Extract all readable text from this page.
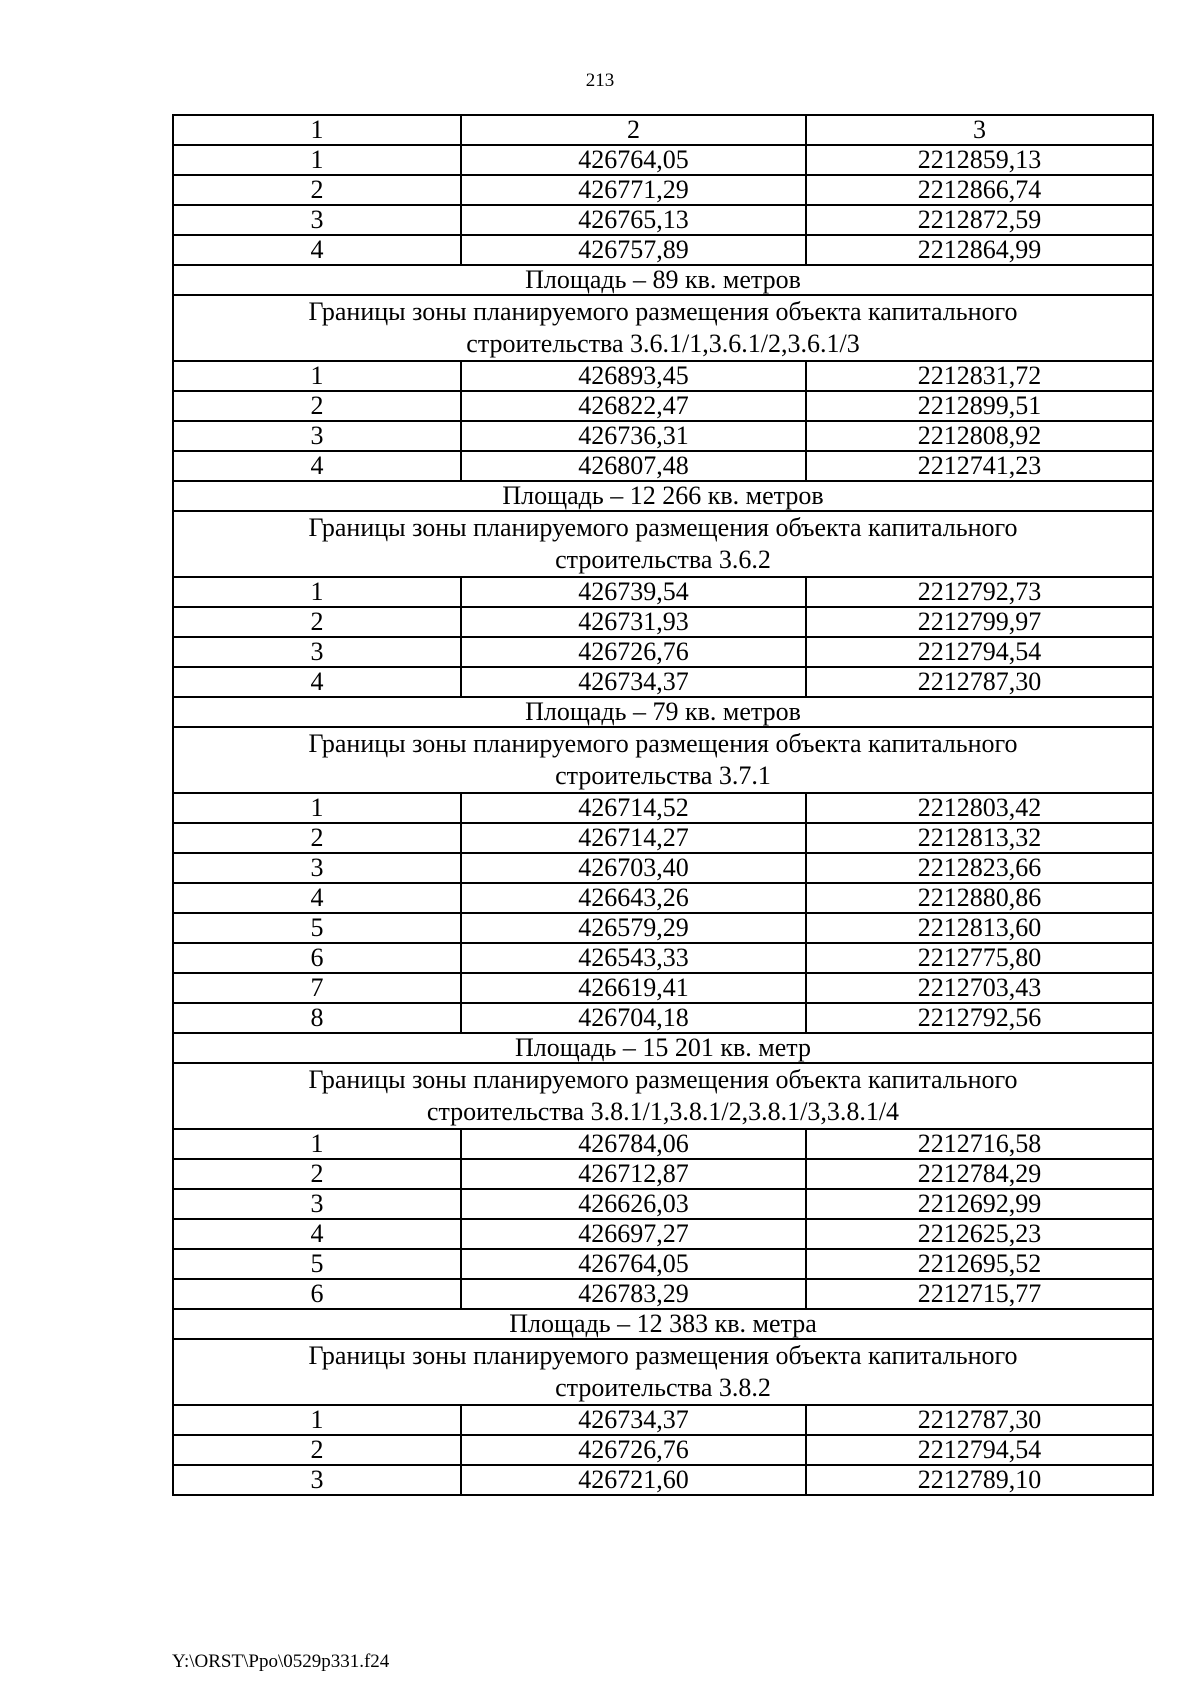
213
1	2	3
1	426764,05	2212859,13
2	426771,29	2212866,74
3	426765,13	2212872,59
4	426757,89	2212864,99
Площадь – 89 кв. метров		
Границы зоны планируемого размещения объекта капитального строительства 3.6.1/1,3.6.1/2,3.6.1/3		
1	426893,45	2212831,72
2	426822,47	2212899,51
3	426736,31	2212808,92
4	426807,48	2212741,23
Площадь – 12 266 кв. метров		
Границы зоны планируемого размещения объекта капитального строительства 3.6.2		
1	426739,54	2212792,73
2	426731,93	2212799,97
3	426726,76	2212794,54
4	426734,37	2212787,30
Площадь – 79 кв. метров		
Границы зоны планируемого размещения объекта капитального строительства 3.7.1		
1	426714,52	2212803,42
2	426714,27	2212813,32
3	426703,40	2212823,66
4	426643,26	2212880,86
5	426579,29	2212813,60
6	426543,33	2212775,80
7	426619,41	2212703,43
8	426704,18	2212792,56
Площадь – 15 201 кв. метр		
Границы зоны планируемого размещения объекта капитального строительства 3.8.1/1,3.8.1/2,3.8.1/3,3.8.1/4		
1	426784,06	2212716,58
2	426712,87	2212784,29
3	426626,03	2212692,99
4	426697,27	2212625,23
5	426764,05	2212695,52
6	426783,29	2212715,77
Площадь – 12 383 кв. метра		
Границы зоны планируемого размещения объекта капитального строительства 3.8.2		
1	426734,37	2212787,30
2	426726,76	2212794,54
3	426721,60	2212789,10
Y:\ORST\Ppo\0529p331.f24
